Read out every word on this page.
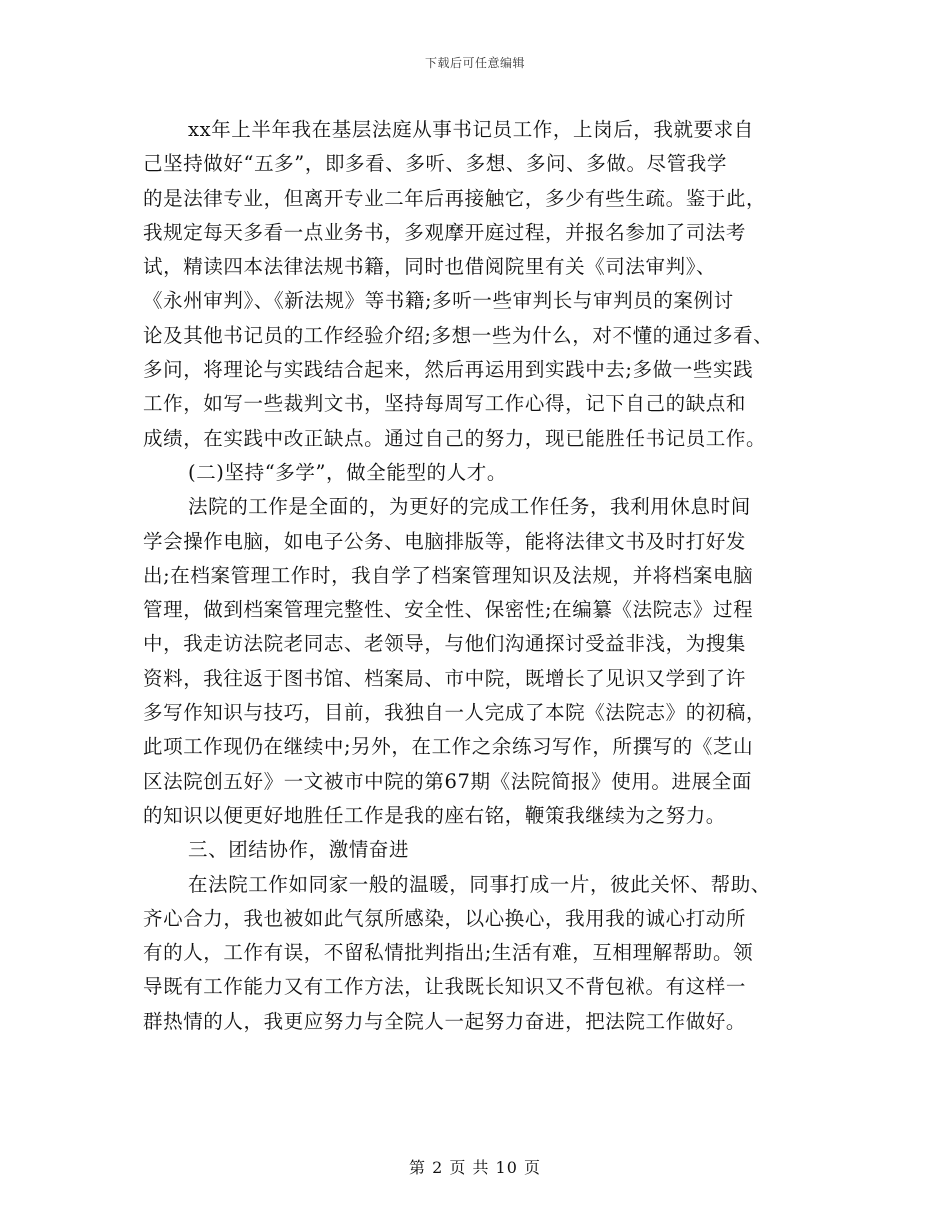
下载后可任意编辑
xx年上半年我在基层法庭从事书记员工作，上岗后，我就要求自
己坚持做好“五多”，即多看、多听、多想、多问、多做。尽管我学
的是法律专业，但离开专业二年后再接触它，多少有些生疏。鉴于此，
我规定每天多看一点业务书，多观摩开庭过程，并报名参加了司法考
试，精读四本法律法规书籍，同时也借阅院里有关《司法审判》、
《永州审判》、《新法规》等书籍;多听一些审判长与审判员的案例讨
论及其他书记员的工作经验介绍;多想一些为什么，对不懂的通过多看、
多问，将理论与实践结合起来，然后再运用到实践中去;多做一些实践
工作，如写一些裁判文书，坚持每周写工作心得，记下自己的缺点和
成绩，在实践中改正缺点。通过自己的努力，现已能胜任书记员工作。
(二)坚持“多学”，做全能型的人才。
法院的工作是全面的，为更好的完成工作任务，我利用休息时间
学会操作电脑，如电子公务、电脑排版等，能将法律文书及时打好发
出;在档案管理工作时，我自学了档案管理知识及法规，并将档案电脑
管理，做到档案管理完整性、安全性、保密性;在编纂《法院志》过程
中，我走访法院老同志、老领导，与他们沟通探讨受益非浅，为搜集
资料，我往返于图书馆、档案局、市中院，既增长了见识又学到了许
多写作知识与技巧，目前，我独自一人完成了本院《法院志》的初稿，
此项工作现仍在继续中;另外，在工作之余练习写作，所撰写的《芝山
区法院创五好》一文被市中院的第67期《法院简报》使用。进展全面
的知识以便更好地胜任工作是我的座右铭，鞭策我继续为之努力。
三、团结协作，激情奋进
在法院工作如同家一般的温暖，同事打成一片，彼此关怀、帮助、
齐心合力，我也被如此气氛所感染，以心换心，我用我的诚心打动所
有的人，工作有误，不留私情批判指出;生活有难，互相理解帮助。领
导既有工作能力又有工作方法，让我既长知识又不背包袱。有这样一
群热情的人，我更应努力与全院人一起努力奋进，把法院工作做好。
第 2 页 共 10 页
